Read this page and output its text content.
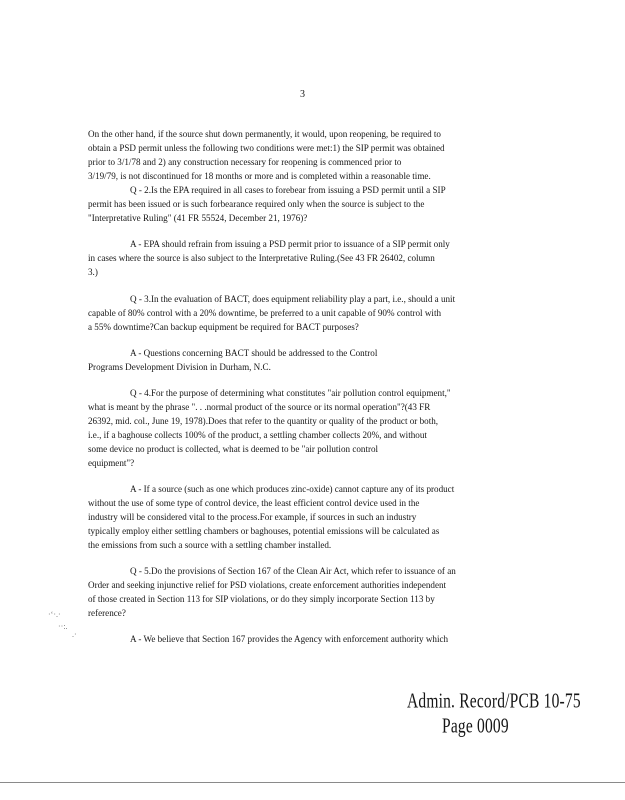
3

On the other hand, if the source shut down permanently, it would, upon reopening, be required to
obtain a PSD permit unless the following two conditions were met:1) the SIP permit was obtained
prior to 3/1/78 and 2) any construction necessary for reopening is commenced prior to
3/19/79, is not discontinued for 18 months or more and is completed within a reasonable time.

Q - 2.Is the EPA required in all cases to forebear from issuing a PSD permit until a SIP
permit has been issued or is such forbearance required only when the source is subject to the
"Interpretative Ruling" (41 FR 55524, December 21, 1976)?

A - EPA should refrain from issuing a PSD permit prior to issuance of a SIP permit only
in cases where the source is also subject to the Interpretative Ruling.(See 43 FR 26402, column
3.)

Q - 3.In the evaluation of BACT, does equipment reliability play a part, i.e., should a unit
capable of 80% control with a 20% downtime, be preferred to a unit capable of 90% control with
a 55% downtime?Can backup equipment be required for BACT purposes?

A - Questions concerning BACT should be addressed to the Control
Programs Development Division in Durham, N.C.

Q - 4.For the purpose of determining what constitutes "air pollution control equipment,"
what is meant by the phrase ". . .normal product of the source or its normal operation"?(43 FR
26392, mid. col., June 19, 1978).Does that refer to the quantity or quality of the product or both,
i.e., if a baghouse collects 100% of the product, a settling chamber collects 20%, and without
some device no product is collected, what is deemed to be "air pollution control
equipment"?

A - If a source (such as one which produces zinc-oxide) cannot capture any of its product
without the use of some type of control device, the least efficient control device used in the
industry will be considered vital to the process.For example, if sources in such an industry
typically employ either settling chambers or baghouses, potential emissions will be calculated as
the emissions from such a source with a settling chamber installed.

Q - 5.Do the provisions of Section 167 of the Clean Air Act, which refer to issuance of an
Order and seeking injunctive relief for PSD violations, create enforcement authorities independent
of those created in Section 113 for SIP violations, or do they simply incorporate Section 113 by
reference?

A - We believe that Section 167 provides the Agency with enforcement authority which

·‘·.·
··:.
.·
Admin. Record/PCB 10-75
Page 0009
